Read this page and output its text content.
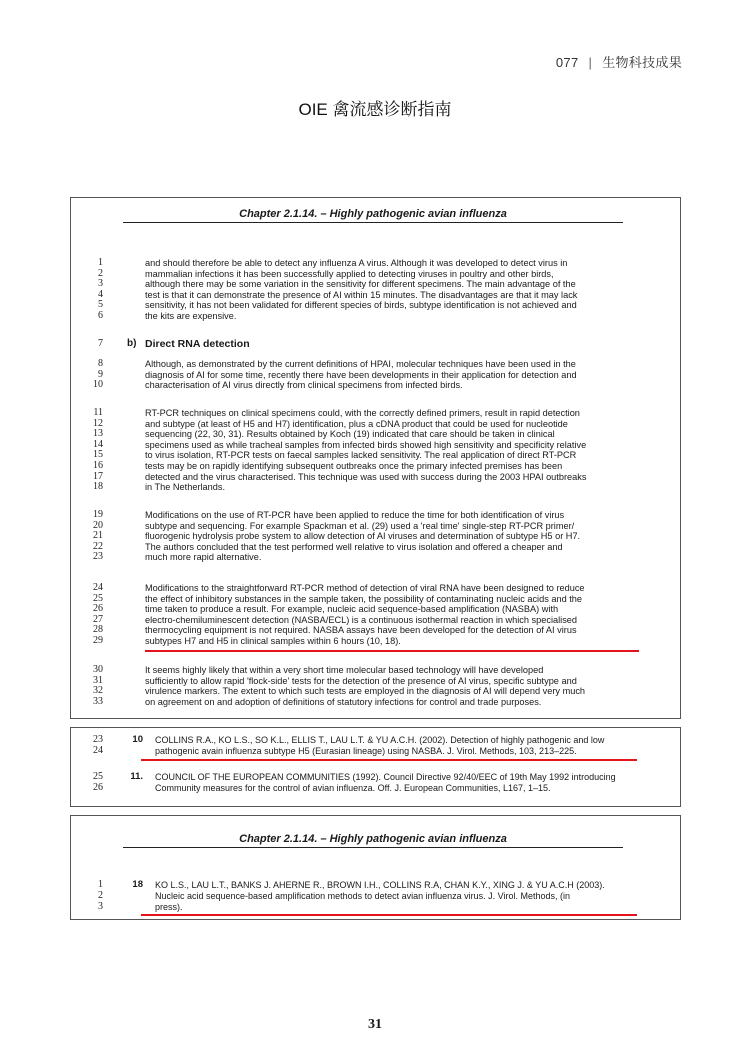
077 | 生物科技成果
OIE 禽流感诊断指南
Chapter 2.1.14. – Highly pathogenic avian influenza
1	and should therefore be able to detect any influenza A virus. Although it was developed to detect virus in
2	mammalian infections it has been successfully applied to detecting viruses in poultry and other birds,
3	although there may be some variation in the sensitivity for different specimens. The main advantage of the
4	test is that it can demonstrate the presence of AI within 15 minutes. The disadvantages are that it may lack
5	sensitivity, it has not been validated for different species of birds, subtype identification is not achieved and
6	the kits are expensive.
8	Although, as demonstrated by the current definitions of HPAI, molecular techniques have been used in the
9	diagnosis of AI for some time, recently there have been developments in their application for detection and
10	characterisation of AI virus directly from clinical specimens from infected birds.
11	RT-PCR techniques on clinical specimens could, with the correctly defined primers, result in rapid detection
12	and subtype (at least of H5 and H7) identification, plus a cDNA product that could be used for nucleotide
13	sequencing (22, 30, 31). Results obtained by Koch (19) indicated that care should be taken in clinical
14	specimens used as while tracheal samples from infected birds showed high sensitivity and specificity relative
15	to virus isolation, RT-PCR tests on faecal samples lacked sensitivity. The real application of direct RT-PCR
16	tests may be on rapidly identifying subsequent outbreaks once the primary infected premises has been
17	detected and the virus characterised. This technique was used with success during the 2003 HPAI outbreaks
18	in The Netherlands.
19	Modifications on the use of RT-PCR have been applied to reduce the time for both identification of virus
20	subtype and sequencing. For example Spackman et al. (29) used a 'real time' single-step RT-PCR primer/
21	fluorogenic hydrolysis probe system to allow detection of AI viruses and determination of subtype H5 or H7.
22	The authors concluded that the test performed well relative to virus isolation and offered a cheaper and
23	much more rapid alternative.
24	Modifications to the straightforward RT-PCR method of detection of viral RNA have been designed to reduce
25	the effect of inhibitory substances in the sample taken, the possibility of contaminating nucleic acids and the
26	time taken to produce a result. For example, nucleic acid sequence-based amplification (NASBA) with
27	electro-chemiluminescent detection (NASBA/ECL) is a continuous isothermal reaction in which specialised
28	thermocycling equipment is not required. NASBA assays have been developed for the detection of AI virus
29	subtypes H7 and H5 in clinical samples within 6 hours (10, 18).
30	It seems highly likely that within a very short time molecular based technology will have developed
31	sufficiently to allow rapid 'flock-side' tests for the detection of the presence of AI virus, specific subtype and
32	virulence markers. The extent to which such tests are employed in the diagnosis of AI will depend very much
33	on agreement on and adoption of definitions of statutory infections for control and trade purposes.
7 b) Direct RNA detection
10
23	COLLINS R.A., KO L.S., SO K.L., ELLIS T., LAU L.T. & YU A.C.H. (2002). Detection of highly pathogenic and low
24	pathogenic avain influenza subtype H5 (Eurasian lineage) using NASBA. J. Virol. Methods, 103, 213–225.
11.
25	COUNCIL OF THE EUROPEAN COMMUNITIES (1992). Council Directive 92/40/EEC of 19th May 1992 introducing
26	Community measures for the control of avian influenza. Off. J. European Communities, L167, 1–15.
Chapter 2.1.14. – Highly pathogenic avian influenza
18
1	KO L.S., LAU L.T., BANKS J. AHERNE R., BROWN I.H., COLLINS R.A, CHAN K.Y., XING J. & YU A.C.H (2003).
2	Nucleic acid sequence-based amplification methods to detect avian influenza virus. J. Virol. Methods, (in
3	press).
31
